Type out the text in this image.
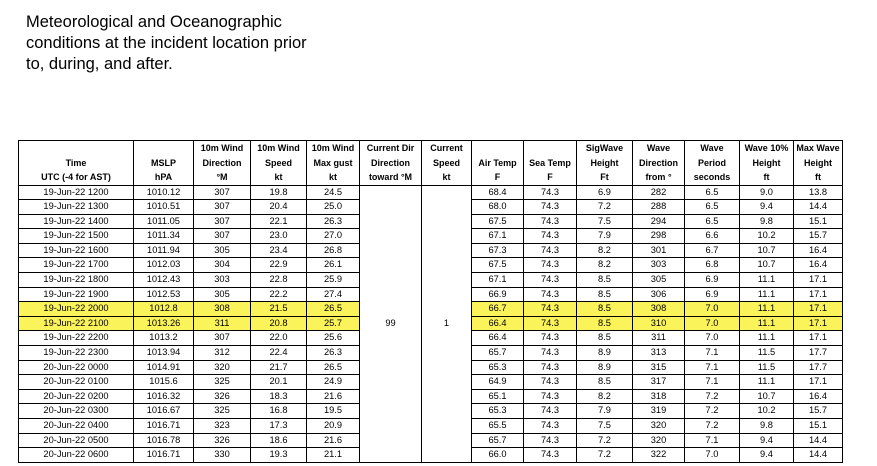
Meteorological and Oceanographic
conditions at the incident location prior
to, during, and after.
		10m Wind	10m Wind	10m Wind	Current Dir	Current			SigWave	Wave	Wave	Wave 10%	Max Wave
Time	MSLP	Direction	Speed	Max gust	Direction	Speed	Air Temp	Sea Temp	Height	Direction	Period	Height	Height
UTC (-4 for AST)	hPA	°M	kt	kt	toward °M	kt	F	F	Ft	from °	seconds	ft	ft
19-Jun-22 1200	1010.12	307	19.8	24.5	99	1	68.4	74.3	6.9	282	6.5	9.0	13.8
19-Jun-22 1300	1010.51	307	20.4	25.0			68.0	74.3	7.2	288	6.5	9.4	14.4
19-Jun-22 1400	1011.05	307	22.1	26.3			67.5	74.3	7.5	294	6.5	9.8	15.1
19-Jun-22 1500	1011.34	307	23.0	27.0			67.1	74.3	7.9	298	6.6	10.2	15.7
19-Jun-22 1600	1011.94	305	23.4	26.8			67.3	74.3	8.2	301	6.7	10.7	16.4
19-Jun-22 1700	1012.03	304	22.9	26.1			67.5	74.3	8.2	303	6.8	10.7	16.4
19-Jun-22 1800	1012.43	303	22.8	25.9			67.1	74.3	8.5	305	6.9	11.1	17.1
19-Jun-22 1900	1012.53	305	22.2	27.4			66.9	74.3	8.5	306	6.9	11.1	17.1
19-Jun-22 2000	1012.8	308	21.5	26.5			66.7	74.3	8.5	308	7.0	11.1	17.1
19-Jun-22 2100	1013.26	311	20.8	25.7			66.4	74.3	8.5	310	7.0	11.1	17.1
19-Jun-22 2200	1013.2	307	22.0	25.6			66.4	74.3	8.5	311	7.0	11.1	17.1
19-Jun-22 2300	1013.94	312	22.4	26.3			65.7	74.3	8.9	313	7.1	11.5	17.7
20-Jun-22 0000	1014.91	320	21.7	26.5			65.3	74.3	8.9	315	7.1	11.5	17.7
20-Jun-22 0100	1015.6	325	20.1	24.9			64.9	74.3	8.5	317	7.1	11.1	17.1
20-Jun-22 0200	1016.32	326	18.3	21.6			65.1	74.3	8.2	318	7.2	10.7	16.4
20-Jun-22 0300	1016.67	325	16.8	19.5			65.3	74.3	7.9	319	7.2	10.2	15.7
20-Jun-22 0400	1016.71	323	17.3	20.9			65.5	74.3	7.5	320	7.2	9.8	15.1
20-Jun-22 0500	1016.78	326	18.6	21.6			65.7	74.3	7.2	320	7.1	9.4	14.4
20-Jun-22 0600	1016.71	330	19.3	21.1			66.0	74.3	7.2	322	7.0	9.4	14.4
